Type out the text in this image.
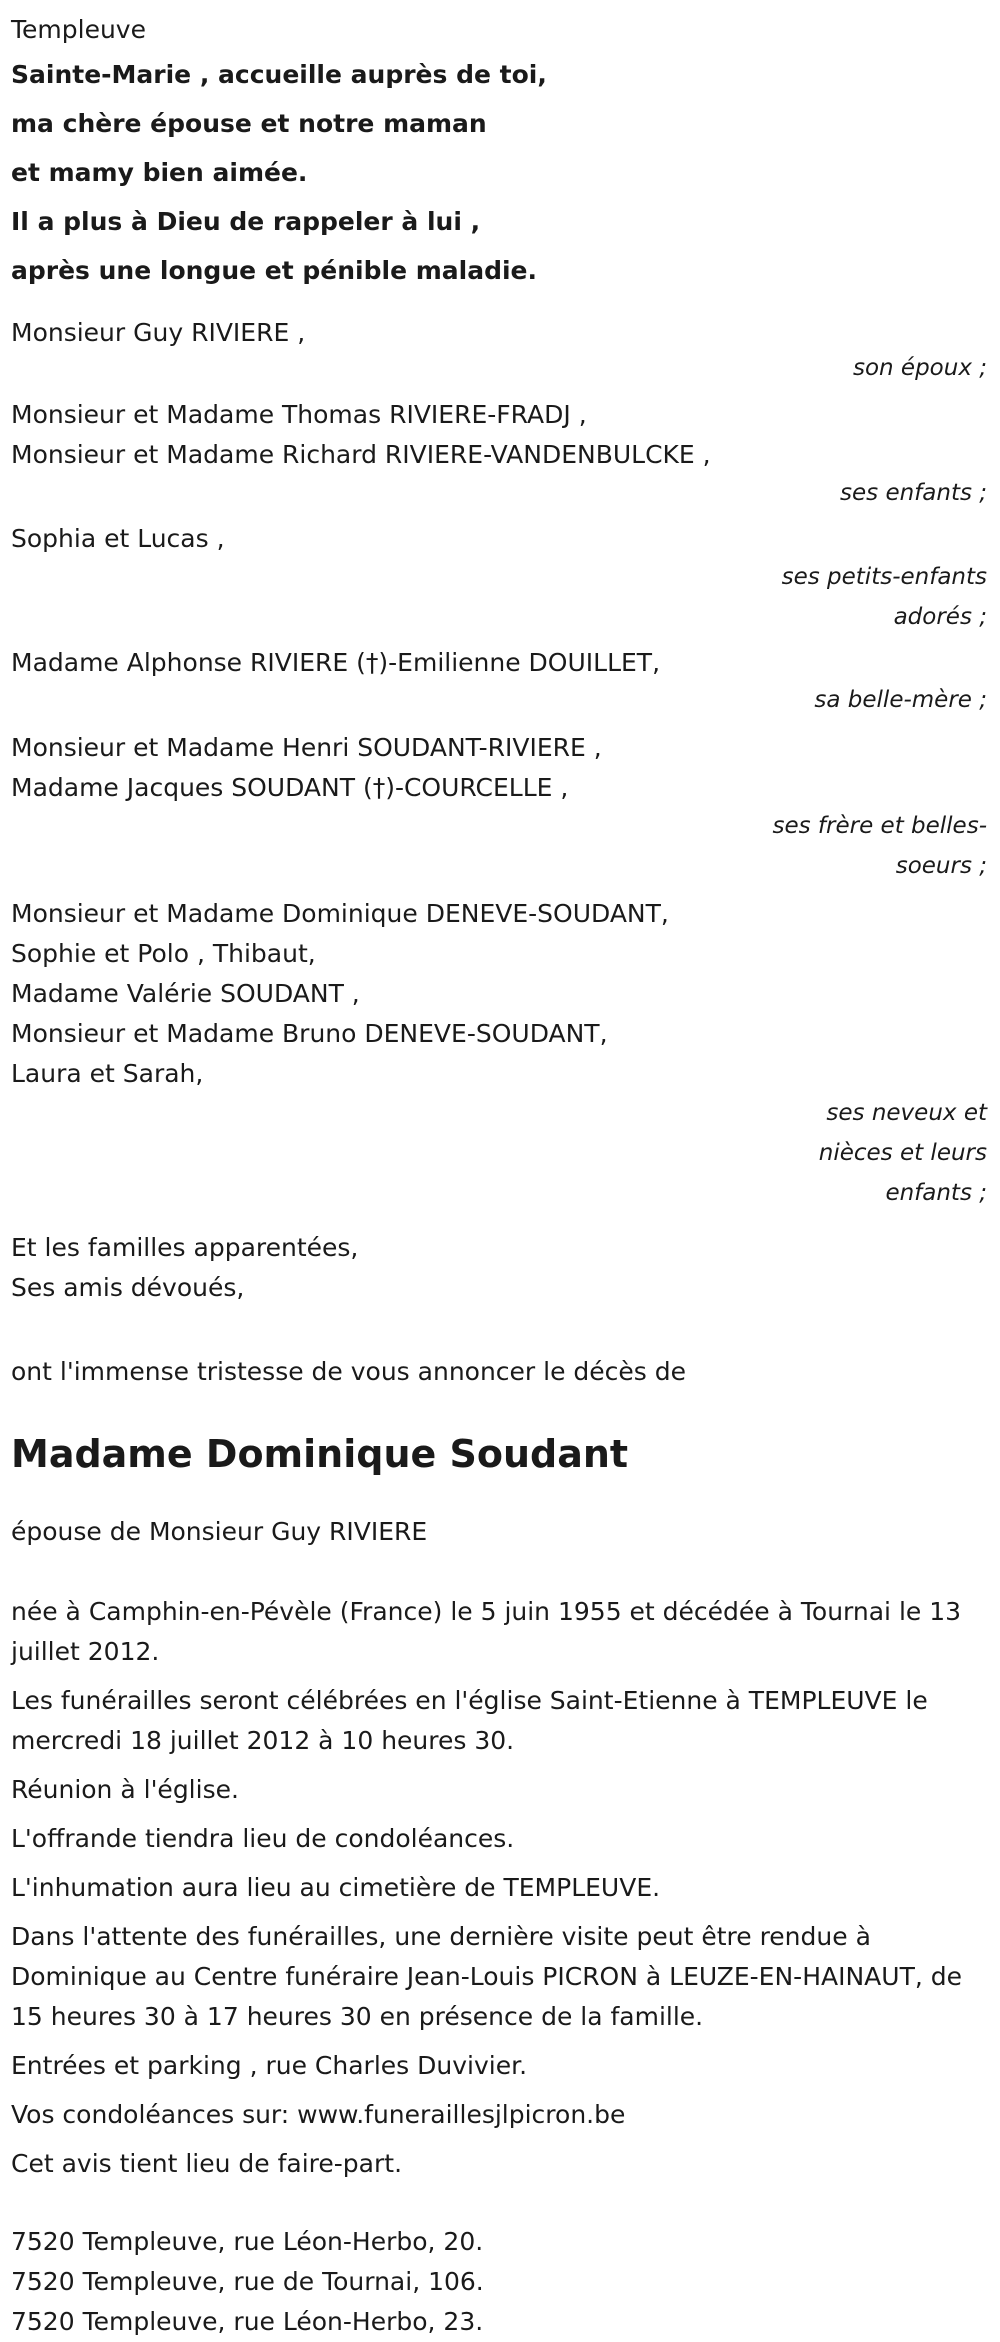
Templeuve
Sainte-Marie , accueille auprès de toi,
ma chère épouse et notre maman
et mamy bien aimée.
Il a plus à Dieu de rappeler à lui ,
après une longue et pénible maladie.
Monsieur Guy RIVIERE ,
son époux ;
Monsieur et Madame Thomas RIVIERE-FRADJ ,
Monsieur et Madame Richard RIVIERE-VANDENBULCKE ,
ses enfants ;
Sophia et Lucas ,
ses petits-enfants
adorés ;
Madame Alphonse RIVIERE (†)-Emilienne DOUILLET,
sa belle-mère ;
Monsieur et Madame Henri SOUDANT-RIVIERE ,
Madame Jacques SOUDANT (†)-COURCELLE ,
ses frère et belles-
soeurs ;
Monsieur et Madame Dominique DENEVE-SOUDANT,
Sophie et Polo , Thibaut,
Madame Valérie SOUDANT ,
Monsieur et Madame Bruno DENEVE-SOUDANT,
Laura et Sarah,
ses neveux et
nièces et leurs
enfants ;
Et les familles apparentées,
Ses amis dévoués,
ont l'immense tristesse de vous annoncer le décès de
Madame Dominique Soudant
épouse de Monsieur Guy RIVIERE

née à Camphin-en-Pévèle (France) le 5 juin 1955 et décédée à Tournai le 13 juillet 2012.

Les funérailles seront célébrées en l'église Saint-Etienne à TEMPLEUVE le mercredi 18 juillet 2012 à 10 heures 30.

Réunion à l'église.

L'offrande tiendra lieu de condoléances.

L'inhumation aura lieu au cimetière de TEMPLEUVE.

Dans l'attente des funérailles, une dernière visite peut être rendue à Dominique au Centre funéraire Jean-Louis PICRON à LEUZE-EN-HAINAUT, de 15 heures 30 à 17 heures 30 en présence de la famille.

Entrées et parking , rue Charles Duvivier.

Vos condoléances sur: www.funeraillesjlpicron.be

Cet avis tient lieu de faire-part.

7520 Templeuve, rue Léon-Herbo, 20.
7520 Templeuve, rue de Tournai, 106.
7520 Templeuve, rue Léon-Herbo, 23.
